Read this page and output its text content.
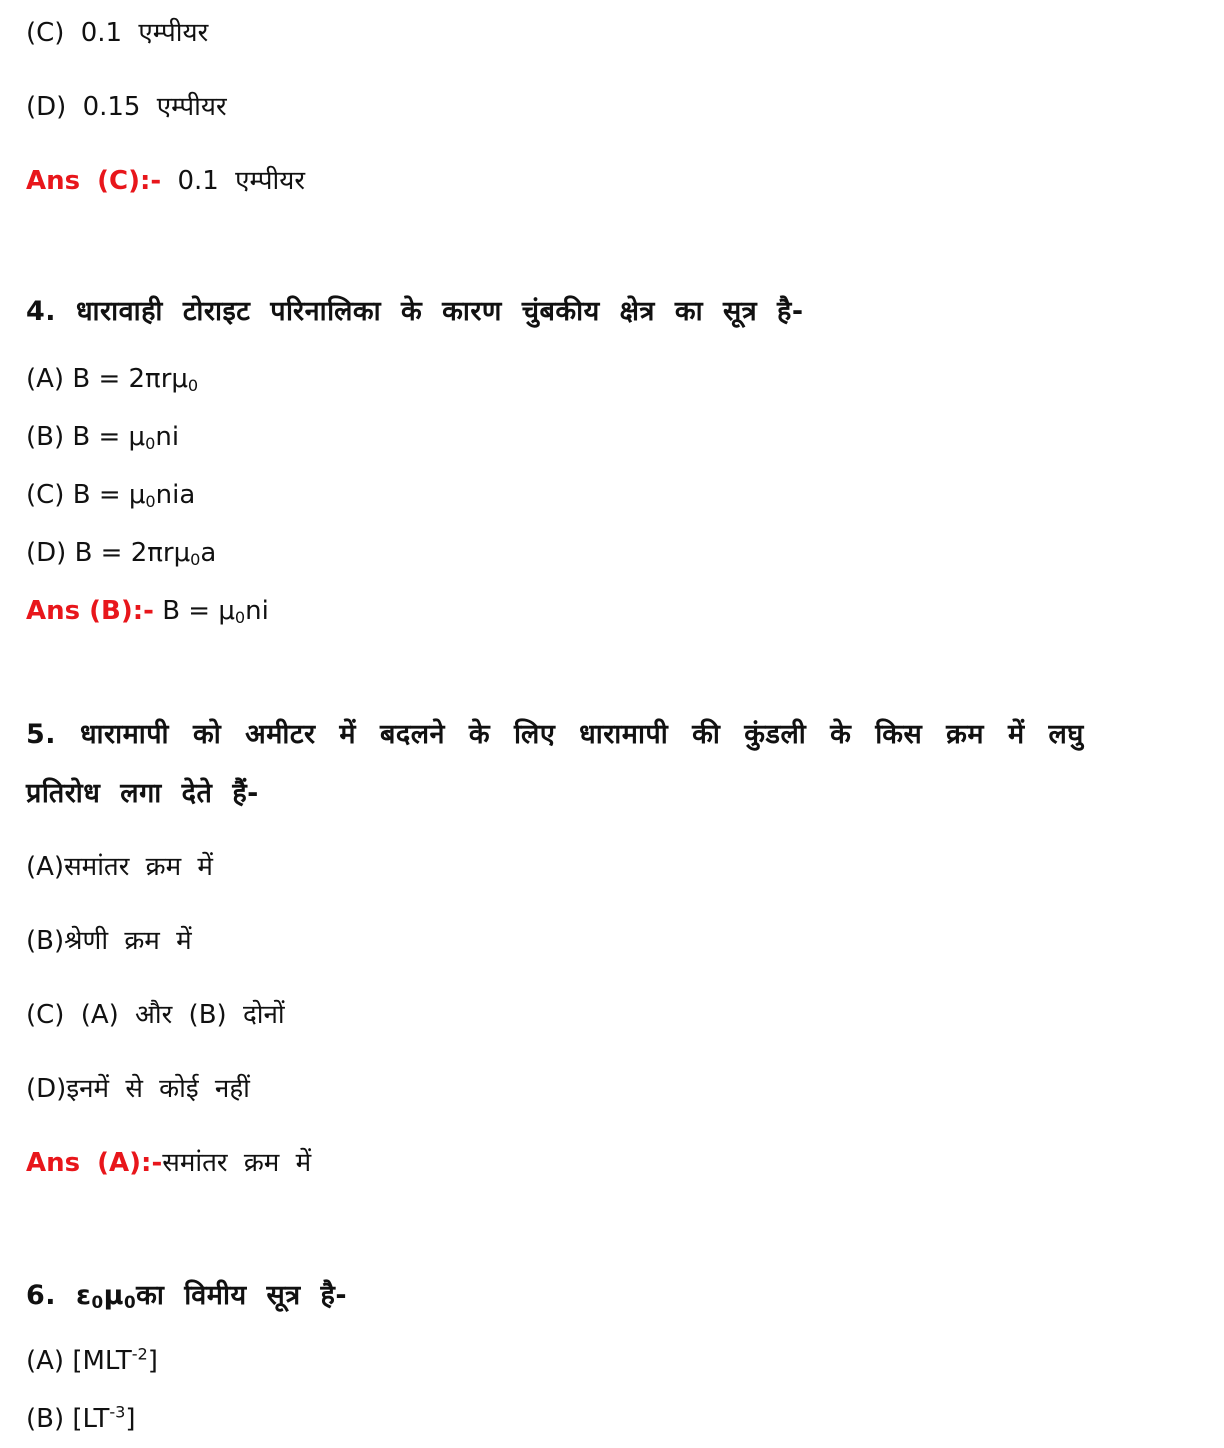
(C) 0.1 एम्पीयर
(D) 0.15 एम्पीयर
Ans (C):- 0.1 एम्पीयर
4. धारावाही टोराइट परिनालिका के कारण चुंबकीय क्षेत्र का सूत्र है-
(A) B = 2πrμ$_0$
(B) $B = \mu_0ni$
(C) $B = \mu_0nia$
(D) B = 2πrμ$_0$a
Ans (B):- $B = \mu_0ni$
5. धारामापी को अमीटर में बदलने के लिए धारामापी की कुंडली के किस क्रम में लघु
प्रतिरोध लगा देते हैं-
(A)समांतर क्रम में
(B)श्रेणी क्रम में
(C) (A) और (B) दोनों
(D)इनमें से कोई नहीं
Ans (A):-समांतर क्रम में
6. $\varepsilon_0\mu_0का$ विमीय सूत्र है-
(A) $[MLT^{-2}]$
(B) $[LT^{-3}]$
